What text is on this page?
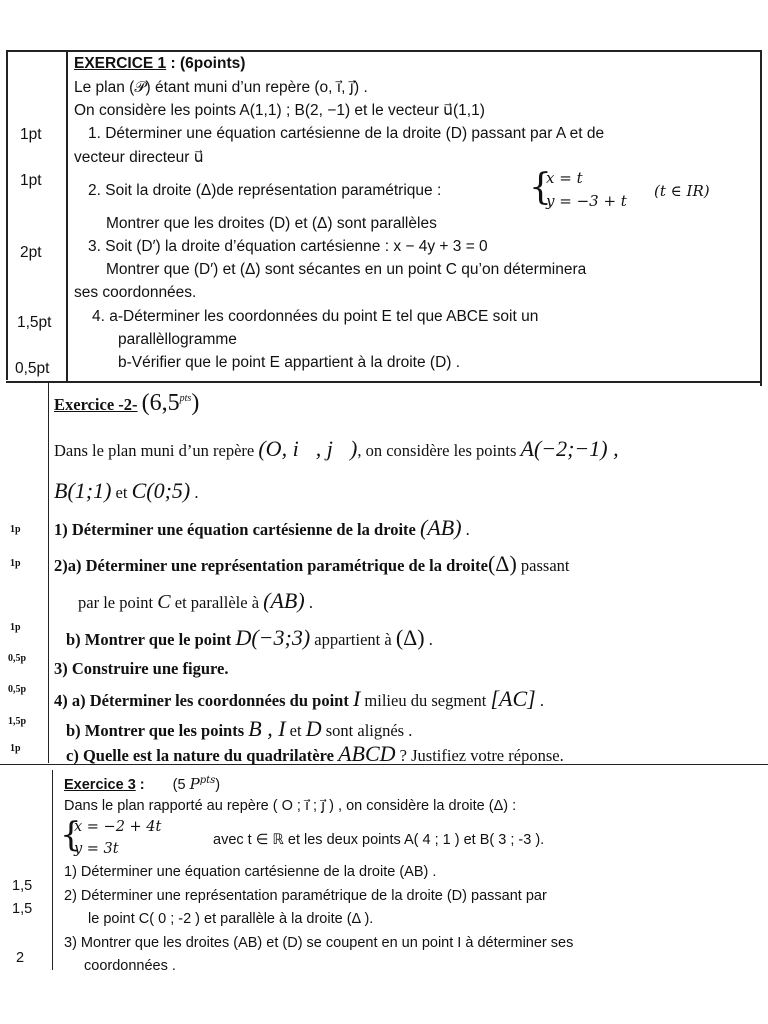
EXERCICE 1 : (6points)
Le plan (𝒫) étant muni d’un repère (o, i⃗, j⃗) .
On considère les points A(1,1) ; B(2, −1) et le vecteur u⃗(1,1)
1. Déterminer une équation cartésienne de la droite (D) passant par A et de
vecteur directeur u⃗
2. Soit la droite (Δ)de représentation paramétrique : {
x = t
y = −3 + t
(t ∈ IR)
Montrer que les droites (D) et (Δ) sont parallèles
3. Soit (D′) la droite d’équation cartésienne : x − 4y + 3 = 0
Montrer que (D′) et (Δ) sont sécantes en un point C qu’on déterminera
ses coordonnées.
4. a-Déterminer les coordonnées du point E tel que ABCE soit un
parallèllogramme
b-Vérifier que le point E appartient à la droite (D) .
1pt
1pt
2pt
1,5pt
0,5pt
Exercice -2- $(6,5^{pts})$
Dans le plan muni d’un repère (O, i⃗, j⃗), on considère les points A(−2;−1) ,
B(1;1) et C(0;5) .
1) Déterminer une équation cartésienne de la droite (AB) .
2)a) Déterminer une représentation paramétrique de la droite(Δ) passant
par le point C et parallèle à (AB) .
b) Montrer que le point D(−3;3) appartient à (Δ) .
3) Construire une figure.
4) a) Déterminer les coordonnées du point I milieu du segment [AC] .
b) Montrer que les points B , I et D sont alignés .
c) Quelle est la nature du quadrilatère ABCD ? Justifiez votre réponse.
1p
1p
1p
0,5p
0,5p
1,5p
1p
Exercice 3 : (5 $P^{pts}$)
Dans le plan rapporté au repère ( O ; i⃗ ; j⃗ ) , on considère la droite (Δ) :
{
x = −2 + 4t
y = 3t
avec t ∈ ℝ et les deux points A( 4 ; 1 ) et B( 3 ; -3 ).
1) Déterminer une équation cartésienne de la droite (AB) .
2) Déterminer une représentation paramétrique de la droite (D) passant par
le point C( 0 ; -2 ) et parallèle à la droite (Δ ).
3) Montrer que les droites (AB) et (D) se coupent en un point I à déterminer ses
coordonnées .
1,5
1,5
2
